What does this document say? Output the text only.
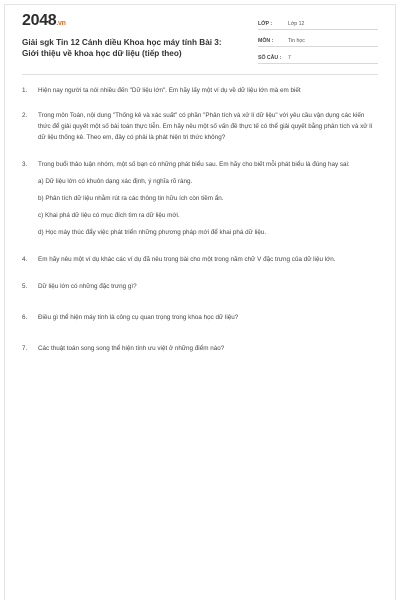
2048.vn
Giải sgk Tin 12 Cánh diều Khoa học máy tính Bài 3: Giới thiệu về khoa học dữ liệu (tiếp theo)
LỚP :	Lớp 12
MÔN :	Tin học
SỐ CÂU :	7
1.	Hiện nay người ta nói nhiều đến "Dữ liệu lớn". Em hãy lấy một ví dụ về dữ liệu lớn mà em biết
2.	Trong môn Toán, nội dung "Thống kê và xác suất" có phần "Phân tích và xử lí dữ liệu" với yêu cầu vận dụng các kiến thức để giải quyết một số bài toán thực tiễn. Em hãy nêu một số vấn đề thực tế có thể giải quyết bằng phân tích và xử lí dữ liệu thống kê. Theo em, đây có phải là phát hiện tri thức không?
3.	Trong buổi thảo luận nhóm, một số bạn có những phát biểu sau. Em hãy cho biết mỗi phát biểu là đúng hay sai:
a) Dữ liệu lớn có khuôn dạng xác định, ý nghĩa rõ ràng.
b) Phân tích dữ liệu nhằm rút ra các thông tin hữu ích còn tiềm ẩn.
c) Khai phá dữ liệu có mục đích tìm ra dữ liệu mới.
d) Học máy thúc đẩy việc phát triển những phương pháp mới để khai phá dữ liệu.
4.	Em hãy nêu một ví dụ khác các ví dụ đã nêu trong bài cho một trong năm chữ V đặc trưng của dữ liệu lớn.
5.	Dữ liệu lớn có những đặc trưng gì?
6.	Điều gì thể hiện máy tính là công cụ quan trọng trong khoa học dữ liệu?
7.	Các thuật toán song song thể hiện tính ưu việt ở những điểm nào?
